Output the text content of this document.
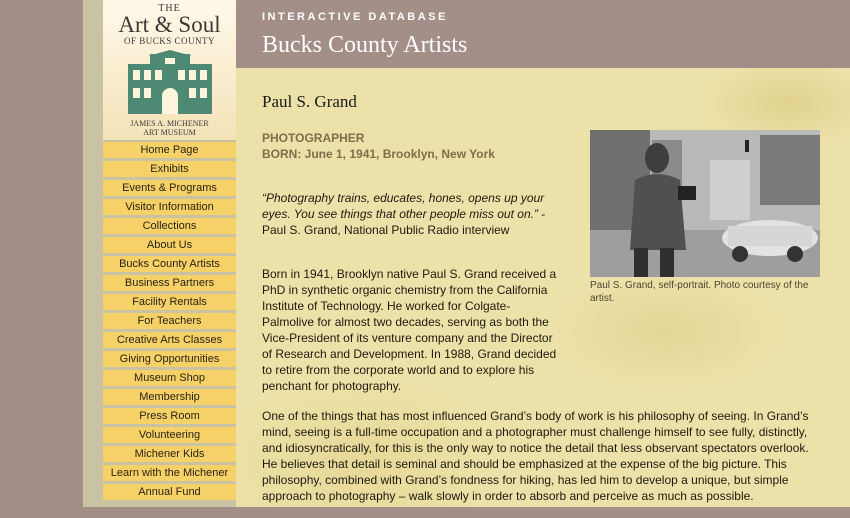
THE
Art & Soul
OF BUCKS COUNTY
JAMES A. MICHENER
ART MUSEUM
Home Page
Exhibits
Events & Programs
Visitor Information
Collections
About Us
Bucks County Artists
Business Partners
Facility Rentals
For Teachers
Creative Arts Classes
Giving Opportunities
Museum Shop
Membership
Press Room
Volunteering
Michener Kids
Learn with the Michener
Annual Fund
INTERACTIVE DATABASE
Bucks County Artists
Paul S. Grand
PHOTOGRAPHER
BORN: June 1, 1941, Brooklyn, New York
Paul S. Grand, self-portrait. Photo courtesy of the artist.
“Photography trains, educates, hones, opens up your eyes. You see things that other people miss out on.” - Paul S. Grand, National Public Radio interview

Born in 1941, Brooklyn native Paul S. Grand received a PhD in synthetic organic chemistry from the California Institute of Technology. He worked for Colgate-Palmolive for almost two decades, serving as both the Vice-President of its venture company and the Director of Research and Development. In 1988, Grand decided to retire from the corporate world and to explore his penchant for photography.

One of the things that has most influenced Grand’s body of work is his philosophy of seeing. In Grand’s mind, seeing is a full-time occupation and a photographer must challenge himself to see fully, distinctly, and idiosyncratically, for this is the only way to notice the detail that less observant spectators overlook. He believes that detail is seminal and should be emphasized at the expense of the big picture. This philosophy, combined with Grand’s fondness for hiking, has led him to develop a unique, but simple approach to photography – walk slowly in order to absorb and perceive as much as possible.
